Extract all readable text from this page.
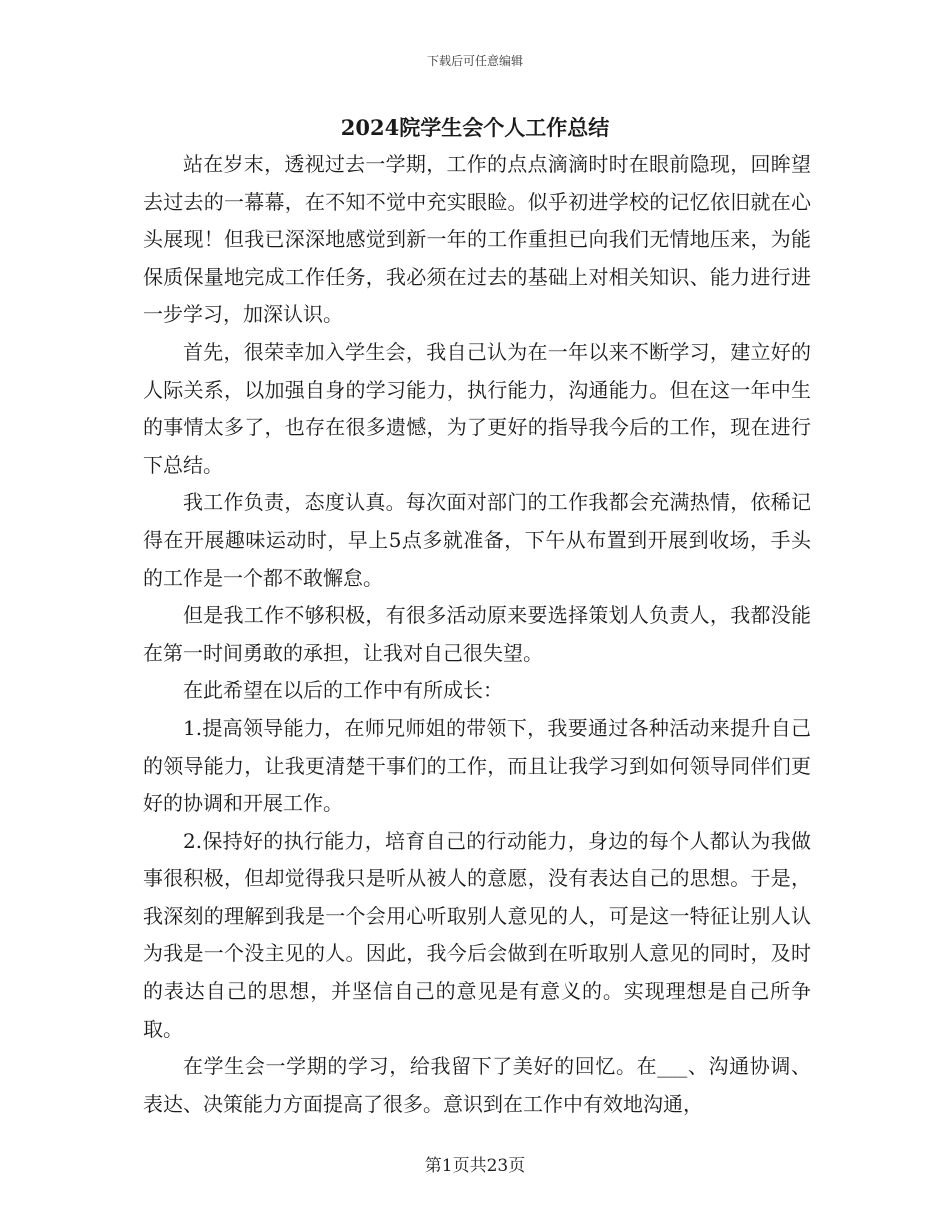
下载后可任意编辑
2024院学生会个人工作总结

站在岁末，透视过去一学期，工作的点点滴滴时时在眼前隐现，回眸望去过去的一幕幕，在不知不觉中充实眼睑。似乎初进学校的记忆依旧就在心头展现！但我已深深地感觉到新一年的工作重担已向我们无情地压来，为能保质保量地完成工作任务，我必须在过去的基础上对相关知识、能力进行进一步学习，加深认识。

首先，很荣幸加入学生会，我自己认为在一年以来不断学习，建立好的人际关系，以加强自身的学习能力，执行能力，沟通能力。但在这一年中生的事情太多了，也存在很多遗憾，为了更好的指导我今后的工作，现在进行下总结。

我工作负责，态度认真。每次面对部门的工作我都会充满热情，依稀记得在开展趣味运动时，早上5点多就准备，下午从布置到开展到收场，手头的工作是一个都不敢懈怠。

但是我工作不够积极，有很多活动原来要选择策划人负责人，我都没能在第一时间勇敢的承担，让我对自己很失望。

在此希望在以后的工作中有所成长：

1.提高领导能力，在师兄师姐的带领下，我要通过各种活动来提升自己的领导能力，让我更清楚干事们的工作，而且让我学习到如何领导同伴们更好的协调和开展工作。

2.保持好的执行能力，培育自己的行动能力，身边的每个人都认为我做事很积极，但却觉得我只是听从被人的意愿，没有表达自己的思想。于是，我深刻的理解到我是一个会用心听取别人意见的人，可是这一特征让别人认为我是一个没主见的人。因此，我今后会做到在听取别人意见的同时，及时的表达自己的思想，并坚信自己的意见是有意义的。实现理想是自己所争取。

在学生会一学期的学习，给我留下了美好的回忆。在___、沟通协调、表达、决策能力方面提高了很多。意识到在工作中有效地沟通，

第1页共23页
